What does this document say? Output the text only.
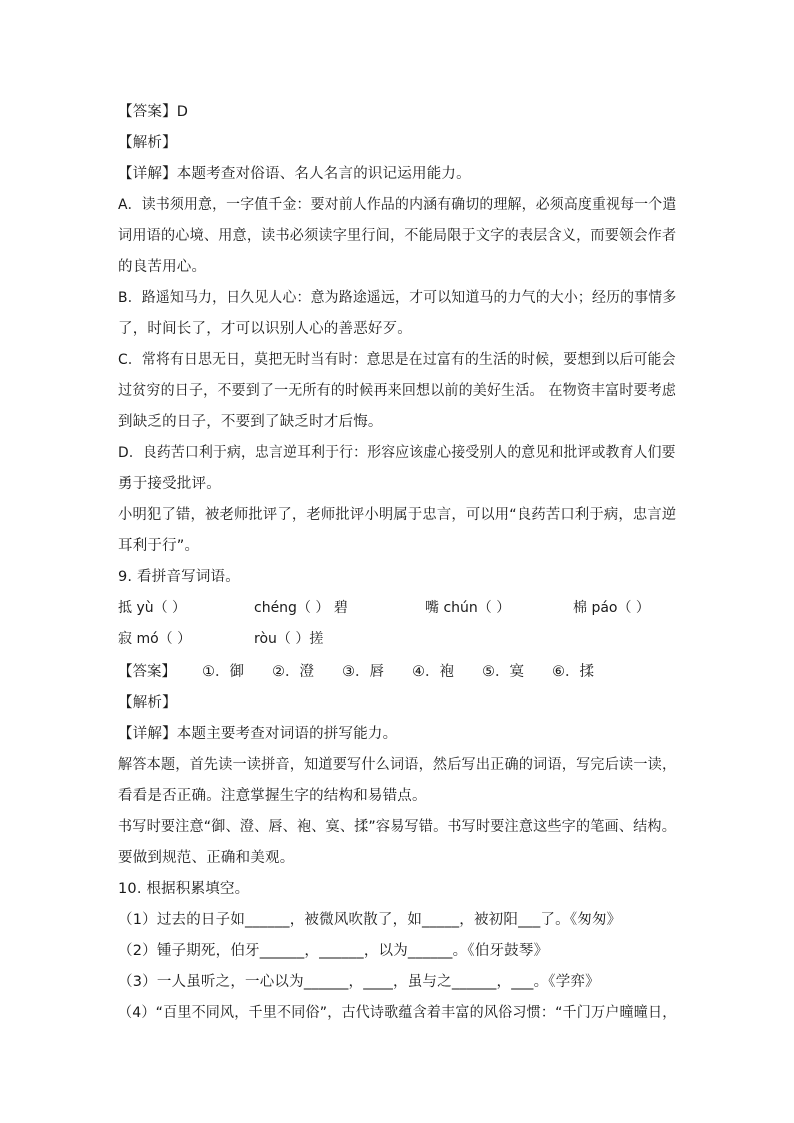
【答案】D
【解析】
【详解】本题考查对俗语、名人名言的识记运用能力。
A．读书须用意，一字值千金：要对前人作品的内涵有确切的理解，必须高度重视每一个遣
词用语的心境、用意，读书必须读字里行间，不能局限于文字的表层含义，而要领会作者
的良苦用心。
B．路遥知马力，日久见人心：意为路途遥远，才可以知道马的力气的大小；经历的事情多
了，时间长了，才可以识别人心的善恶好歹。
C．常将有日思无日，莫把无时当有时：意思是在过富有的生活的时候，要想到以后可能会
过贫穷的日子，不要到了一无所有的时候再来回想以前的美好生活。 在物资丰富时要考虑
到缺乏的日子，不要到了缺乏时才后悔。
D．良药苦口利于病，忠言逆耳利于行：形容应该虚心接受别人的意见和批评或教育人们要
勇于接受批评。
小明犯了错，被老师批评了，老师批评小明属于忠言，可以用“良药苦口利于病，忠言逆
耳利于行”。
9. 看拼音写词语。
抵 yù（ ）	chéng（ ） 碧	嘴 chún（ ）	棉 páo（ ）
寂 mó（ ）	ròu（ ）搓
【答案】 ①．御 ②．澄 ③．唇 ④．袍 ⑤．寞 ⑥．揉
【解析】
【详解】本题主要考查对词语的拼写能力。
解答本题，首先读一读拼音，知道要写什么词语，然后写出正确的词语，写完后读一读，
看看是否正确。注意掌握生字的结构和易错点。
书写时要注意“御、澄、唇、袍、寞、揉”容易写错。书写时要注意这些字的笔画、结构。
要做到规范、正确和美观。
10. 根据积累填空。
（1）过去的日子如______，被微风吹散了，如_____，被初阳___了。《匆匆》
（2）锺子期死，伯牙______，______，以为______。《伯牙鼓琴》
（3）一人虽听之，一心以为______，____，虽与之______，___。《学弈》
（4）“百里不同风，千里不同俗”，古代诗歌蕴含着丰富的风俗习惯：“千门万户曈曈日，
